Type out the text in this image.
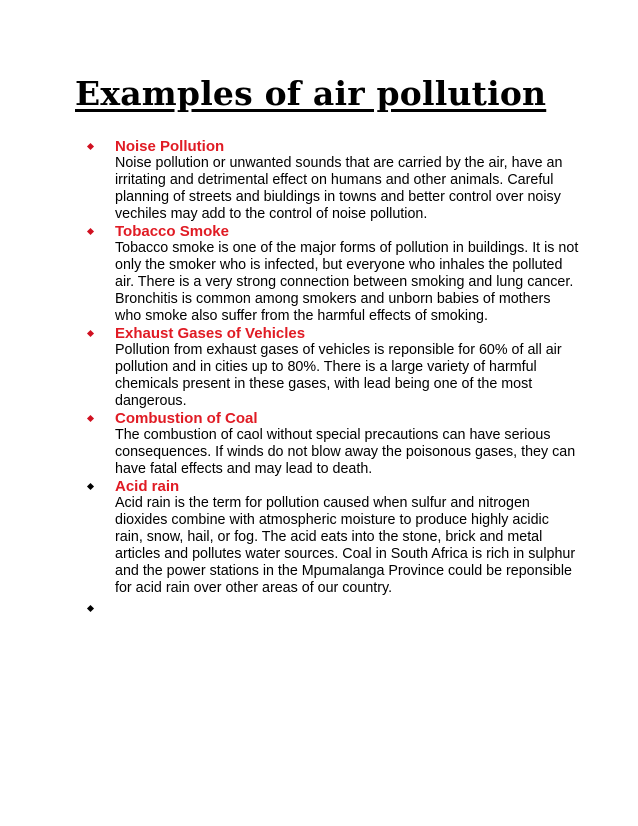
Examples of air pollution
Noise Pollution
Noise pollution or unwanted sounds that are carried by the air, have an irritating and detrimental effect on humans and other animals. Careful planning of streets and biuldings in towns and better control over noisy vechiles may add to the control of noise pollution.
Tobacco Smoke
Tobacco smoke is one of the major forms of pollution in buildings. It is not only the smoker who is infected, but everyone who inhales the polluted air. There is a very strong connection between smoking and lung cancer. Bronchitis is common among smokers and unborn babies of mothers who smoke also suffer from the harmful effects of smoking.
Exhaust Gases of Vehicles
Pollution from exhaust gases of vehicles is reponsible for 60% of all air pollution and in cities up to 80%. There is a large variety of harmful chemicals present in these gases, with lead being one of the most dangerous.
Combustion of Coal
The combustion of caol without special precautions can have serious consequences. If winds do not blow away the poisonous gases, they can have fatal effects and may lead to death.
Acid rain
Acid rain is the term for pollution caused when sulfur and nitrogen dioxides combine with atmospheric moisture to produce highly acidic rain, snow, hail, or fog. The acid eats into the stone, brick and metal articles and pollutes water sources. Coal in South Africa is rich in sulphur and the power stations in the Mpumalanga Province could be reponsible for acid rain over other areas of our country.
